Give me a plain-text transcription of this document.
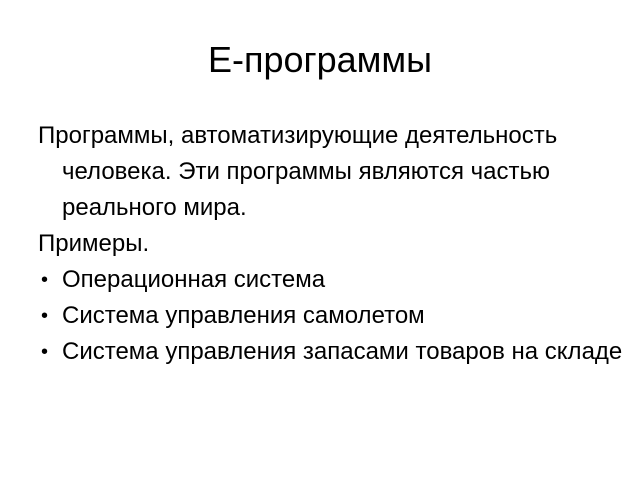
Е-программы

Программы, автоматизирующие деятельность человека. Эти программы являются частью реального мира.

Примеры.

• Операционная система
• Система управления самолетом
• Система управления запасами товаров на складе
